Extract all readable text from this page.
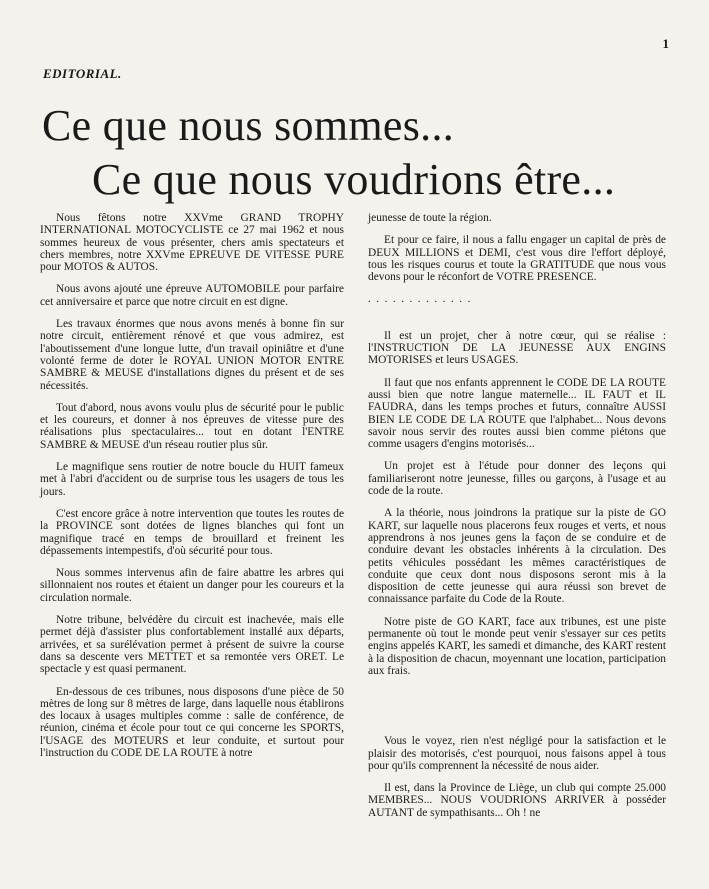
1
EDITORIAL.
Ce que nous sommes...
Ce que nous voudrions être...

Nous fêtons notre XXVme GRAND TROPHY INTERNATIONAL MOTOCYCLISTE ce 27 mai 1962 et nous sommes heureux de vous présenter, chers amis spectateurs et chers membres, notre XXVme EPREUVE DE VITESSE PURE pour MOTOS & AUTOS.

Nous avons ajouté une épreuve AUTOMOBILE pour parfaire cet anniversaire et parce que notre circuit en est digne.

Les travaux énormes que nous avons menés à bonne fin sur notre circuit, entièrement rénové et que vous admirez, est l'aboutissement d'une longue lutte, d'un travail opiniâtre et d'une volonté ferme de doter le ROYAL UNION MOTOR ENTRE SAMBRE & MEUSE d'installations dignes du présent et de ses nécessités.

Tout d'abord, nous avons voulu plus de sécurité pour le public et les coureurs, et donner à nos épreuves de vitesse pure des réalisations plus spectaculaires... tout en dotant l'ENTRE SAMBRE & MEUSE d'un réseau routier plus sûr.

Le magnifique sens routier de notre boucle du HUIT fameux met à l'abri d'accident ou de surprise tous les usagers de tous les jours.

C'est encore grâce à notre intervention que toutes les routes de la PROVINCE sont dotées de lignes blanches qui font un magnifique tracé en temps de brouillard et freinent les dépassements intempestifs, d'où sécurité pour tous.

Nous sommes intervenus afin de faire abattre les arbres qui sillonnaient nos routes et étaient un danger pour les coureurs et la circulation normale.

Notre tribune, belvédère du circuit est inachevée, mais elle permet déjà d'assister plus confortablement installé aux départs, arrivées, et sa surélévation permet à présent de suivre la course dans sa descente vers METTET et sa remontée vers ORET. Le spectacle y est quasi permanent.

En-dessous de ces tribunes, nous disposons d'une pièce de 50 mètres de long sur 8 mètres de large, dans laquelle nous établirons des locaux à usages multiples comme : salle de conférence, de réunion, cinéma et école pour tout ce qui concerne les SPORTS, l'USAGE des MOTEURS et leur conduite, et surtout pour l'instruction du CODE DE LA ROUTE à notre

jeunesse de toute la région.

Et pour ce faire, il nous a fallu engager un capital de près de DEUX MILLIONS et DEMI, c'est vous dire l'effort déployé, tous les risques courus et toute la GRATITUDE que nous vous devons pour le réconfort de VOTRE PRESENCE.

. . . . . . . . . . . . .

Il est un projet, cher à notre cœur, qui se réalise : l'INSTRUCTION DE LA JEUNESSE AUX ENGINS MOTORISES et leurs USAGES.

Il faut que nos enfants apprennent le CODE DE LA ROUTE aussi bien que notre langue maternelle... IL FAUT et IL FAUDRA, dans les temps proches et futurs, connaître AUSSI BIEN LE CODE DE LA ROUTE que l'alphabet... Nous devons savoir nous servir des routes aussi bien comme piétons que comme usagers d'engins motorisés...

Un projet est à l'étude pour donner des leçons qui familiariseront notre jeunesse, filles ou garçons, à l'usage et au code de la route.

A la théorie, nous joindrons la pratique sur la piste de GO KART, sur laquelle nous placerons feux rouges et verts, et nous apprendrons à nos jeunes gens la façon de se conduire et de conduire devant les obstacles inhérents à la circulation. Des petits véhicules possédant les mêmes caractéristiques de conduite que ceux dont nous disposons seront mis à la disposition de cette jeunesse qui aura réussi son brevet de connaissance parfaite du Code de la Route.

Notre piste de GO KART, face aux tribunes, est une piste permanente où tout le monde peut venir s'essayer sur ces petits engins appelés KART, les samedi et dimanche, des KART restent à la disposition de chacun, moyennant une location, participation aux frais.

Vous le voyez, rien n'est négligé pour la satisfaction et le plaisir des motorisés, c'est pourquoi, nous faisons appel à tous pour qu'ils comprennent la nécessité de nous aider.

Il est, dans la Province de Liège, un club qui compte 25.000 MEMBRES... NOUS VOUDRIONS ARRIVER à posséder AUTANT de sympathisants... Oh ! ne
